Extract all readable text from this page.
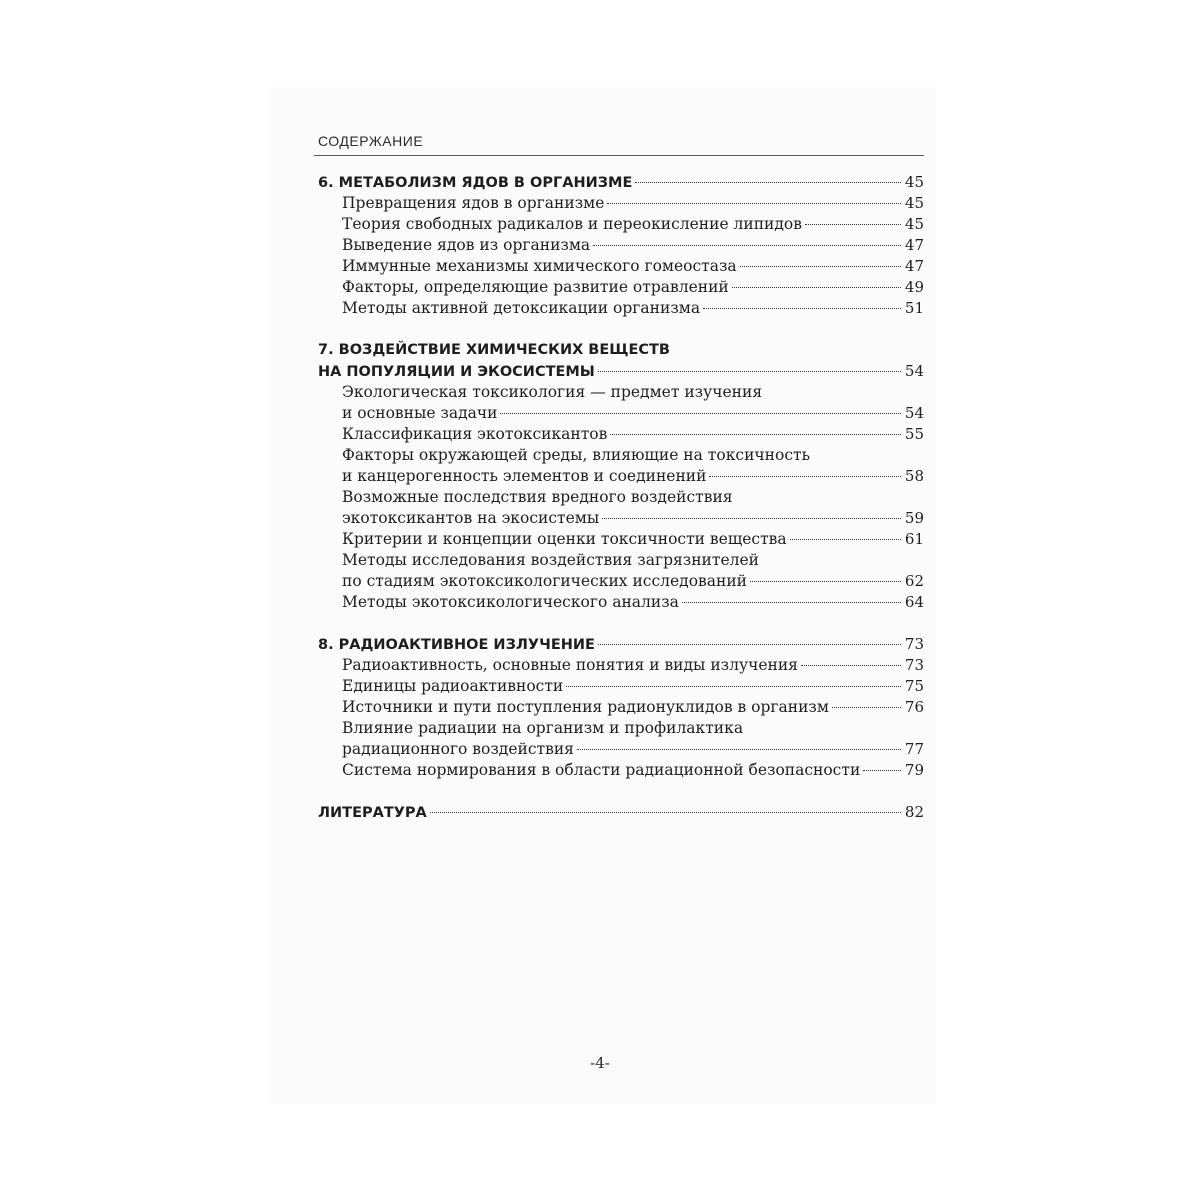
СОДЕРЖАНИЕ
6. МЕТАБОЛИЗМ ЯДОВ В ОРГАНИЗМЕ	45
Превращения ядов в организме	45
Теория свободных радикалов и переокисление липидов	45
Выведение ядов из организма	47
Иммунные механизмы химического гомеостаза	47
Факторы, определяющие развитие отравлений	49
Методы активной детоксикации организма	51
7. ВОЗДЕЙСТВИЕ ХИМИЧЕСКИХ ВЕЩЕСТВ
НА ПОПУЛЯЦИИ И ЭКОСИСТЕМЫ	54
Экологическая токсикология — предмет изучения
и основные задачи	54
Классификация экотоксикантов	55
Факторы окружающей среды, влияющие на токсичность
и канцерогенность элементов и соединений	58
Возможные последствия вредного воздействия
экотоксикантов на экосистемы	59
Критерии и концепции оценки токсичности вещества	61
Методы исследования воздействия загрязнителей
по стадиям экотоксикологических исследований	62
Методы экотоксикологического анализа	64
8. РАДИОАКТИВНОЕ ИЗЛУЧЕНИЕ	73
Радиоактивность, основные понятия и виды излучения	73
Единицы радиоактивности	75
Источники и пути поступления радионуклидов в организм	76
Влияние радиации на организм и профилактика
радиационного воздействия	77
Система нормирования в области радиационной безопасности	79
ЛИТЕРАТУРА	82
-4-
